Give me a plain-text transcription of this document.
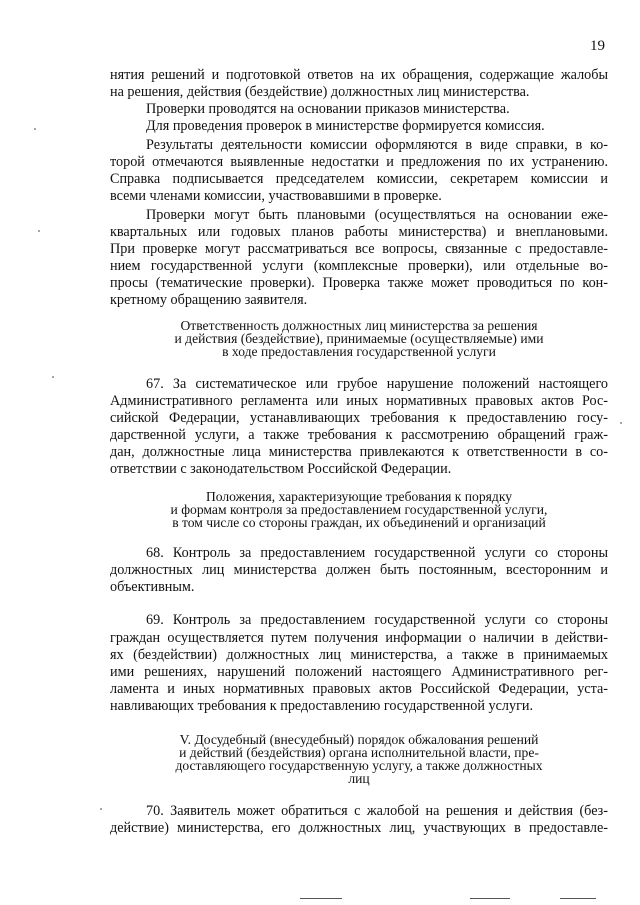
19
нятия решений и подготовкой ответов на их обращения, содержащие жалобы
на решения, действия (бездействие) должностных лиц министерства.
Проверки проводятся на основании приказов министерства.
Для проведения проверок в министерстве формируется комиссия.
Результаты деятельности комиссии оформляются в виде справки, в ко-
торой отмечаются выявленные недостатки и предложения по их устранению.
Справка подписывается председателем комиссии, секретарем комиссии и
всеми членами комиссии, участвовавшими в проверке.
Проверки могут быть плановыми (осуществляться на основании еже-
квартальных или годовых планов работы министерства) и внеплановыми.
При проверке могут рассматриваться все вопросы, связанные с предоставле-
нием государственной услуги (комплексные проверки), или отдельные во-
просы (тематические проверки). Проверка также может проводиться по кон-
кретному обращению заявителя.
67. За систематическое или грубое нарушение положений настоящего
Административного регламента или иных нормативных правовых актов Рос-
сийской Федерации, устанавливающих требования к предоставлению госу-
дарственной услуги, а также требования к рассмотрению обращений граж-
дан, должностные лица министерства привлекаются к ответственности в со-
ответствии с законодательством Российской Федерации.
68. Контроль за предоставлением государственной услуги со стороны
должностных лиц министерства должен быть постоянным, всесторонним и
объективным.
69. Контроль за предоставлением государственной услуги со стороны
граждан осуществляется путем получения информации о наличии в действи-
ях (бездействии) должностных лиц министерства, а также в принимаемых
ими решениях, нарушений положений настоящего Административного рег-
ламента и иных нормативных правовых актов Российской Федерации, уста-
навливающих требования к предоставлению государственной услуги.
70. Заявитель может обратиться с жалобой на решения и действия (без-
действие) министерства, его должностных лиц, участвующих в предоставле-
Ответственность должностных лиц министерства за решения
и действия (бездействие), принимаемые (осуществляемые) ими
в ходе предоставления государственной услуги
Положения, характеризующие требования к порядку
и формам контроля за предоставлением государственной услуги,
в том числе со стороны граждан, их объединений и организаций
V. Досудебный (внесудебный) порядок обжалования решений
и действий (бездействия) органа исполнительной власти, пре-
доставляющего государственную услугу, а также должностных
лиц
